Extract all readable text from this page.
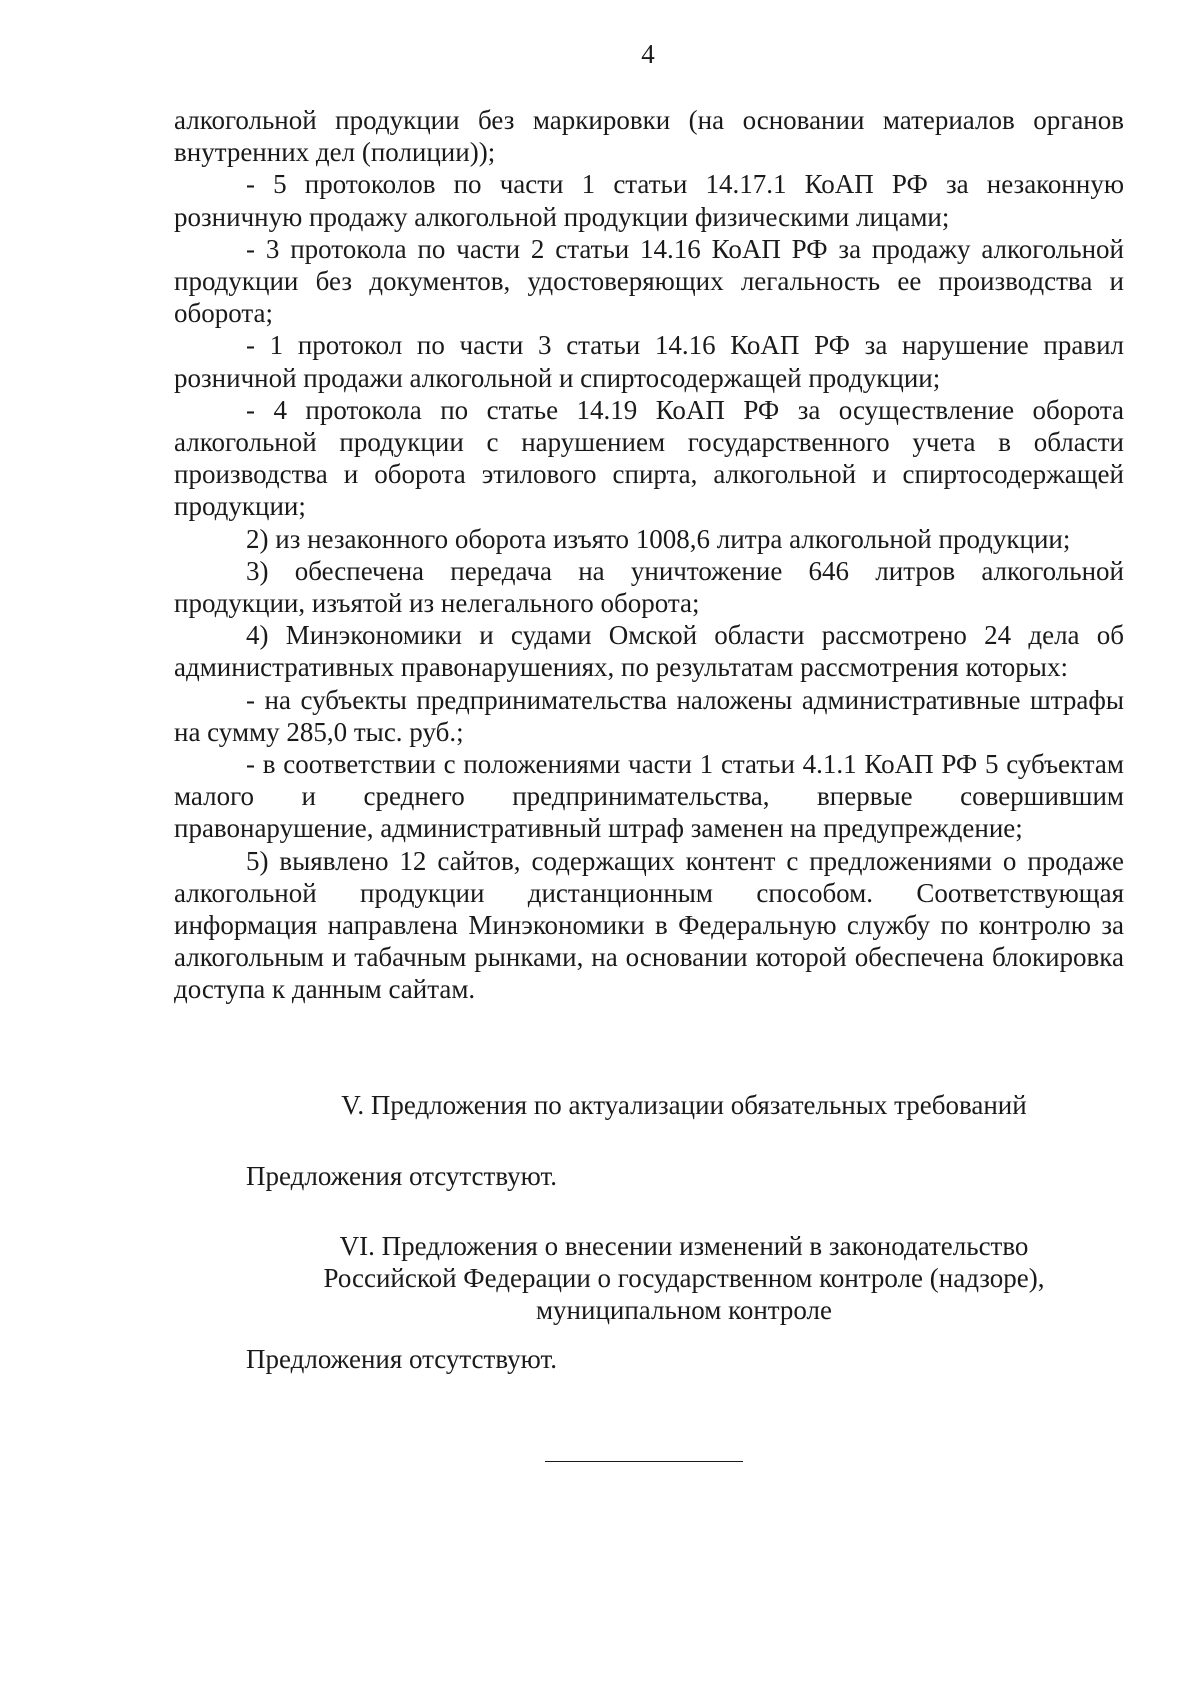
4

алкогольной продукции без маркировки (на основании материалов органов внутренних дел (полиции));

- 5 протоколов по части 1 статьи 14.17.1 КоАП РФ за незаконную розничную продажу алкогольной продукции физическими лицами;

- 3 протокола по части 2 статьи 14.16 КоАП РФ за продажу алкогольной продукции без документов, удостоверяющих легальность ее производства и оборота;

- 1 протокол по части 3 статьи 14.16 КоАП РФ за нарушение правил розничной продажи алкогольной и спиртосодержащей продукции;

- 4 протокола по статье 14.19 КоАП РФ за осуществление оборота алкогольной продукции с нарушением государственного учета в области производства и оборота этилового спирта, алкогольной и спиртосодержащей продукции;

2) из незаконного оборота изъято 1008,6 литра алкогольной продукции;

3) обеспечена передача на уничтожение 646 литров алкогольной продукции, изъятой из нелегального оборота;

4) Минэкономики и судами Омской области рассмотрено 24 дела об административных правонарушениях, по результатам рассмотрения которых:

- на субъекты предпринимательства наложены административные штрафы на сумму 285,0 тыс. руб.;

- в соответствии с положениями части 1 статьи 4.1.1 КоАП РФ 5 субъектам малого и среднего предпринимательства, впервые совершившим правонарушение, административный штраф заменен на предупреждение;

5) выявлено 12 сайтов, содержащих контент с предложениями о продаже алкогольной продукции дистанционным способом. Соответствующая информация направлена Минэкономики в Федеральную службу по контролю за алкогольным и табачным рынками, на основании которой обеспечена блокировка доступа к данным сайтам.

V. Предложения по актуализации обязательных требований

Предложения отсутствуют.

VI. Предложения о внесении изменений в законодательство
Российской Федерации о государственном контроле (надзоре),
муниципальном контроле

Предложения отсутствуют.
